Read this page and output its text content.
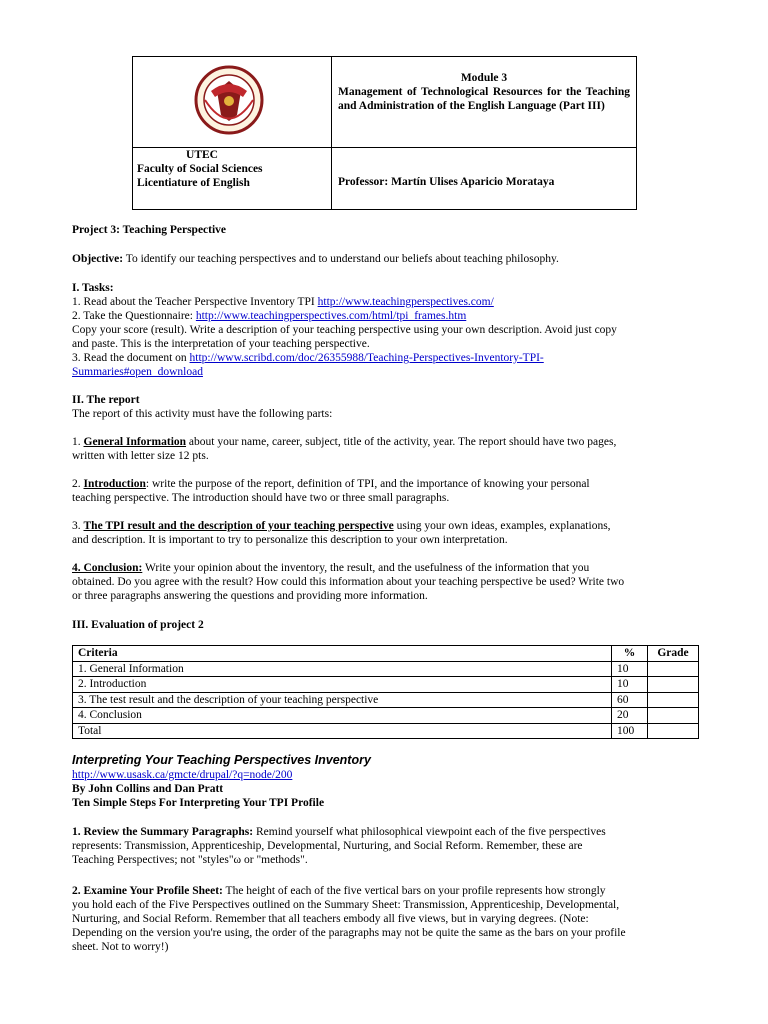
Module 3
Management of Technological Resources for the Teaching and Administration of the English Language (Part III)

UTEC
Faculty of Social Sciences
Licentiature of English	Professor: Martín Ulises Aparicio Morataya
Project 3: Teaching Perspective
Objective: To identify our teaching perspectives and to understand our beliefs about teaching philosophy.
I. Tasks:
1. Read about the Teacher Perspective Inventory TPI http://www.teachingperspectives.com/
2. Take the Questionnaire: http://www.teachingperspectives.com/html/tpi_frames.htm
Copy your score (result). Write a description of your teaching perspective using your own description. Avoid just copy
and paste. This is the interpretation of your teaching perspective.
3. Read the document on http://www.scribd.com/doc/26355988/Teaching-Perspectives-Inventory-TPI-
Summaries#open_download
II. The report
The report of this activity must have the following parts:
1. General Information about your name, career, subject, title of the activity, year. The report should have two pages,
written with letter size 12 pts.
2. Introduction: write the purpose of the report, definition of TPI, and the importance of knowing your personal
teaching perspective. The introduction should have two or three small paragraphs.
3. The TPI result and the description of your teaching perspective using your own ideas, examples, explanations,
and description. It is important to try to personalize this description to your own interpretation.
4. Conclusion: Write your opinion about the inventory, the result, and the usefulness of the information that you
obtained. Do you agree with the result? How could this information about your teaching perspective be used? Write two
or three paragraphs answering the questions and providing more information.
III. Evaluation of project 2
Criteria	%	Grade
1. General Information	10	
2. Introduction	10	
3. The test result and the description of your teaching perspective	60	
4. Conclusion	20	
Total	100	
Interpreting Your Teaching Perspectives Inventory
http://www.usask.ca/gmcte/drupal/?q=node/200
By John Collins and Dan Pratt
Ten Simple Steps For Interpreting Your TPI Profile
1. Review the Summary Paragraphs: Remind yourself what philosophical viewpoint each of the five perspectives
represents: Transmission, Apprenticeship, Developmental, Nurturing, and Social Reform. Remember, these are
Teaching Perspectives; not "styles"ω or "methods".
2. Examine Your Profile Sheet: The height of each of the five vertical bars on your profile represents how strongly
you hold each of the Five Perspectives outlined on the Summary Sheet: Transmission, Apprenticeship, Developmental,
Nurturing, and Social Reform. Remember that all teachers embody all five views, but in varying degrees. (Note:
Depending on the version you're using, the order of the paragraphs may not be quite the same as the bars on your profile
sheet. Not to worry!)
